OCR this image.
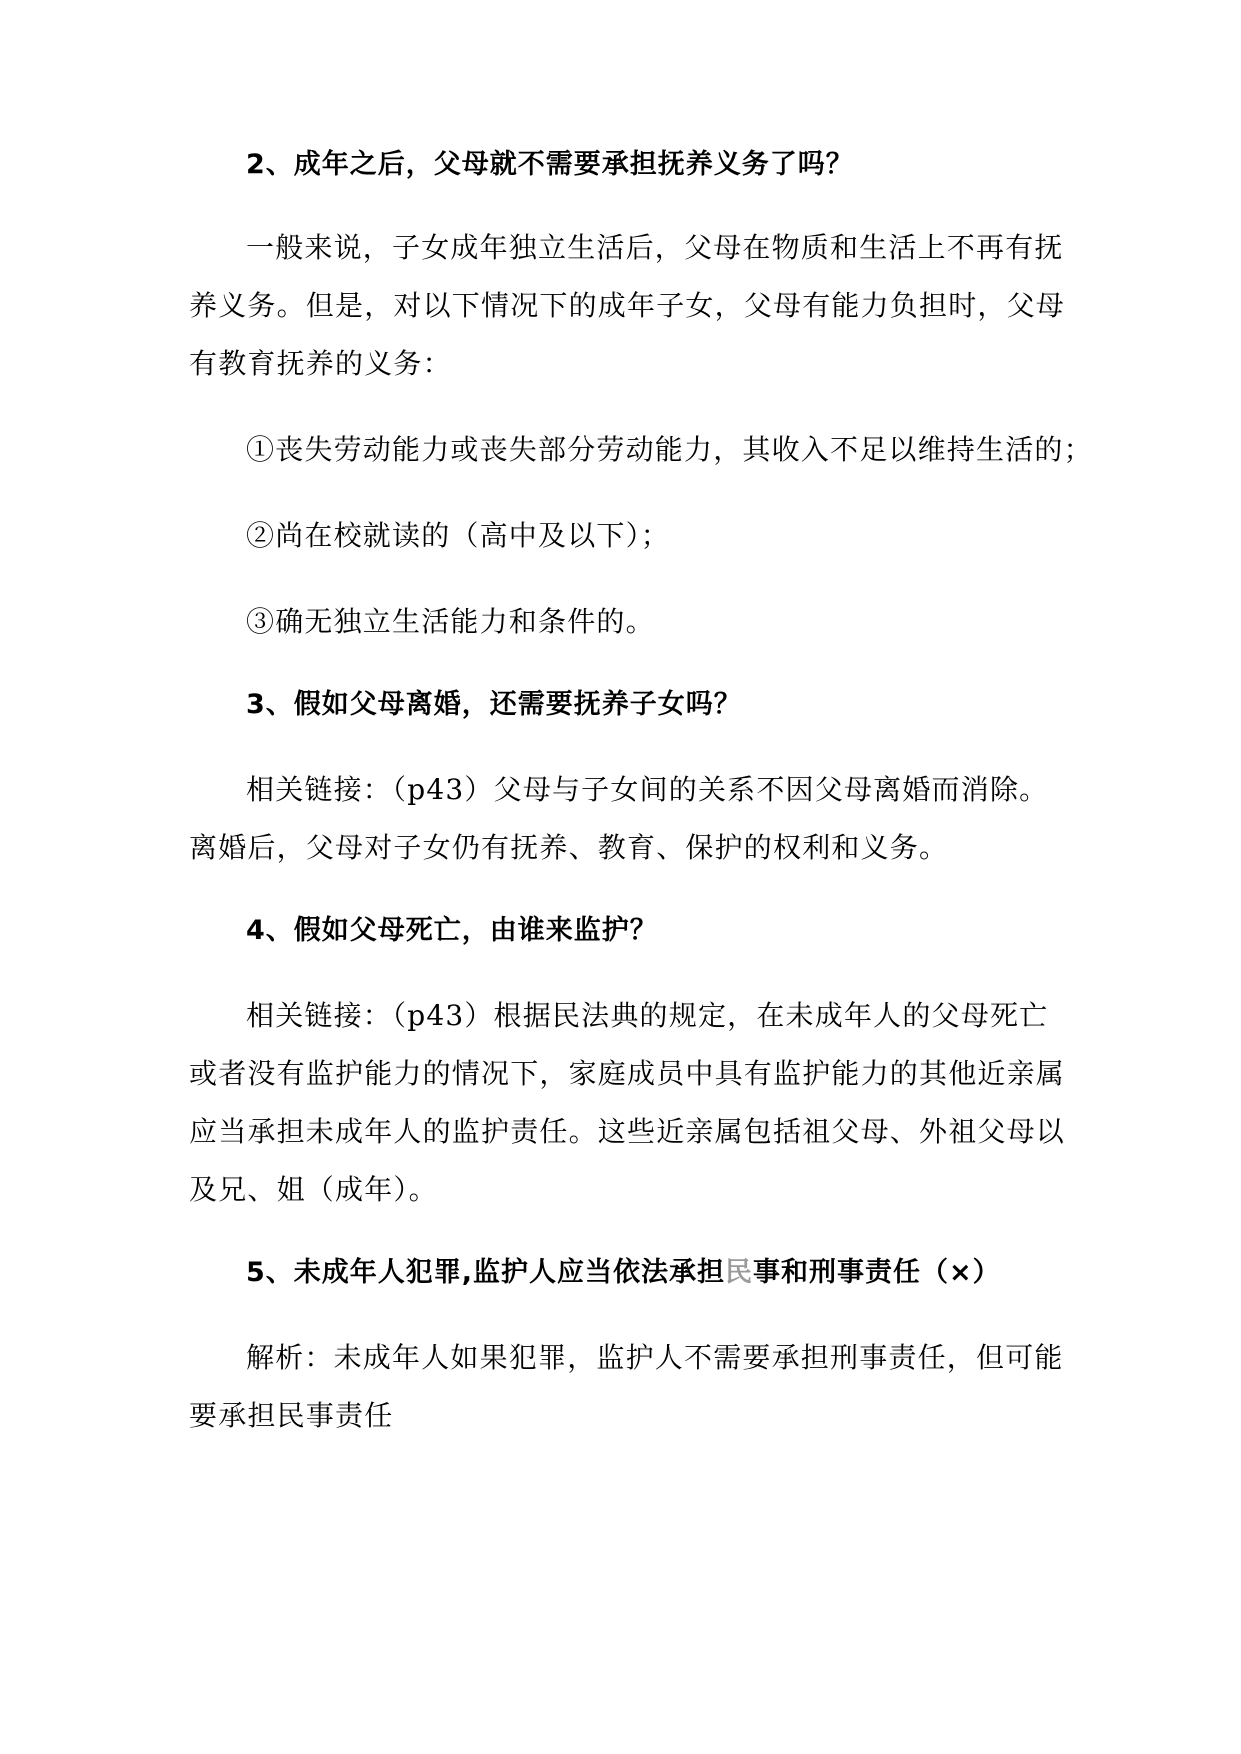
2、成年之后，父母就不需要承担抚养义务了吗？
一般来说，子女成年独立生活后，父母在物质和生活上不再有抚
养义务。但是，对以下情况下的成年子女，父母有能力负担时，父母
有教育抚养的义务：
①丧失劳动能力或丧失部分劳动能力，其收入不足以维持生活的；
②尚在校就读的（高中及以下）；
③确无独立生活能力和条件的。
3、假如父母离婚，还需要抚养子女吗？
相关链接：（p43）父母与子女间的关系不因父母离婚而消除。
离婚后，父母对子女仍有抚养、教育、保护的权利和义务。
4、假如父母死亡，由谁来监护？
相关链接：（p43）根据民法典的规定，在未成年人的父母死亡
或者没有监护能力的情况下，家庭成员中具有监护能力的其他近亲属
应当承担未成年人的监护责任。这些近亲属包括祖父母、外祖父母以
及兄、姐（成年）。
5、未成年人犯罪,监护人应当依法承担民事和刑事责任（×）
解析：未成年人如果犯罪，监护人不需要承担刑事责任，但可能
要承担民事责任
